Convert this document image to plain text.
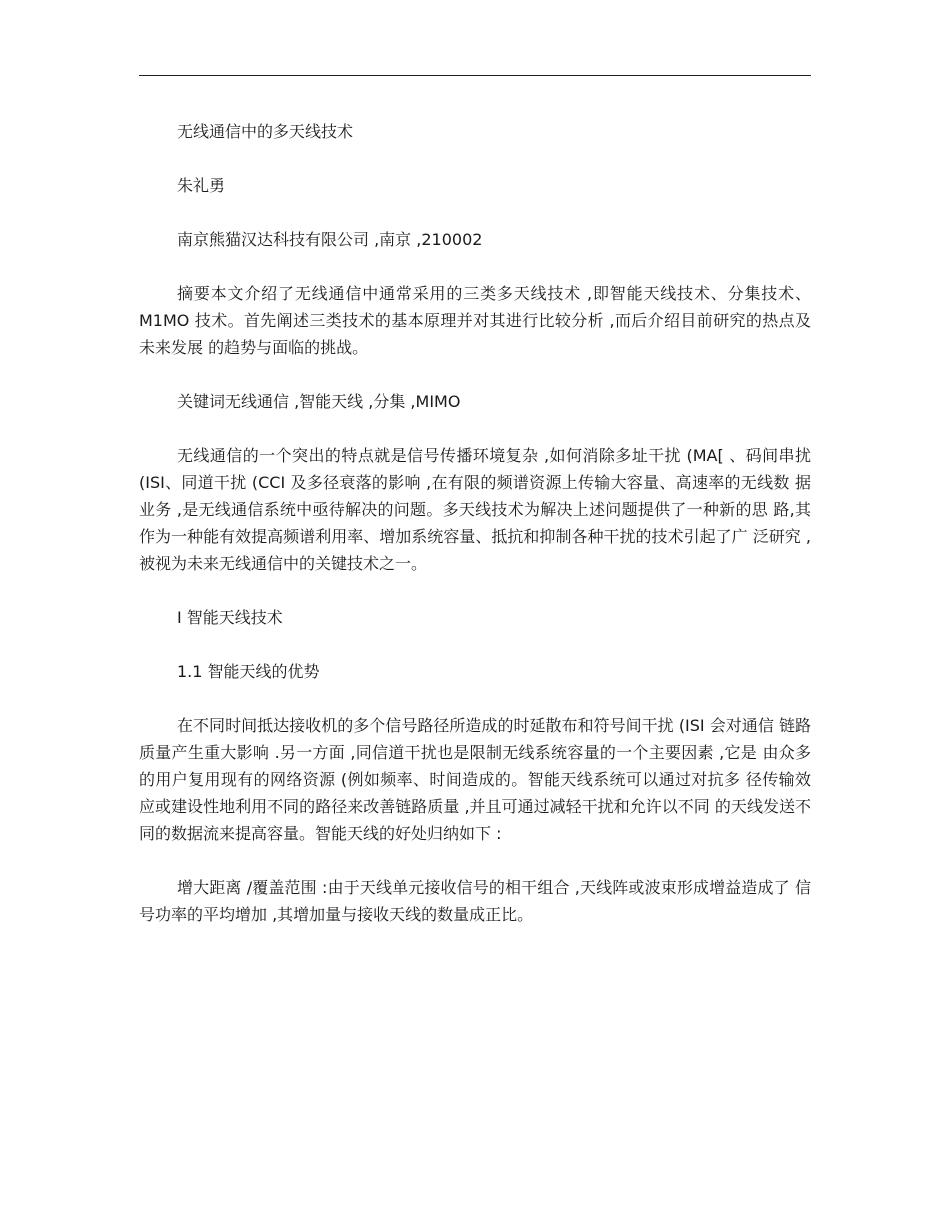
无线通信中的多天线技术

朱礼勇

南京熊猫汉达科技有限公司 ,南京 ,210002

摘要本文介绍了无线通信中通常采用的三类多天线技术 ,即智能天线技术、分集技术、 M1MO 技术。首先阐述三类技术的基本原理并对其进行比较分析 ,而后介绍目前研究的热点及未来发展 的趋势与面临的挑战。

关键词无线通信 ,智能天线 ,分集 ,MIMO

无线通信的一个突出的特点就是信号传播环境复杂 ,如何消除多址干扰 (MA[ 、码间串扰 (ISI、同道干扰 (CCI 及多径衰落的影响 ,在有限的频谱资源上传输大容量、高速率的无线数 据业务 ,是无线通信系统中亟待解决的问题。多天线技术为解决上述问题提供了一种新的思 路,其作为一种能有效提高频谱利用率、增加系统容量、抵抗和抑制各种干扰的技术引起了广 泛研究 ,被视为未来无线通信中的关键技术之一。

I 智能天线技术

1.1 智能天线的优势

在不同时间抵达接收机的多个信号路径所造成的时延散布和符号间干扰 (ISI 会对通信 链路质量产生重大影响 .另一方面 ,同信道干扰也是限制无线系统容量的一个主要因素 ,它是 由众多的用户复用现有的网络资源 (例如频率、时间造成的。智能天线系统可以通过对抗多 径传输效应或建设性地利用不同的路径来改善链路质量 ,并且可通过减轻干扰和允许以不同 的天线发送不同的数据流来提高容量。智能天线的好处归纳如下 :

增大距离 /覆盖范围 :由于天线单元接收信号的相干组合 ,天线阵或波束形成增益造成了 信号功率的平均增加 ,其增加量与接收天线的数量成正比。
